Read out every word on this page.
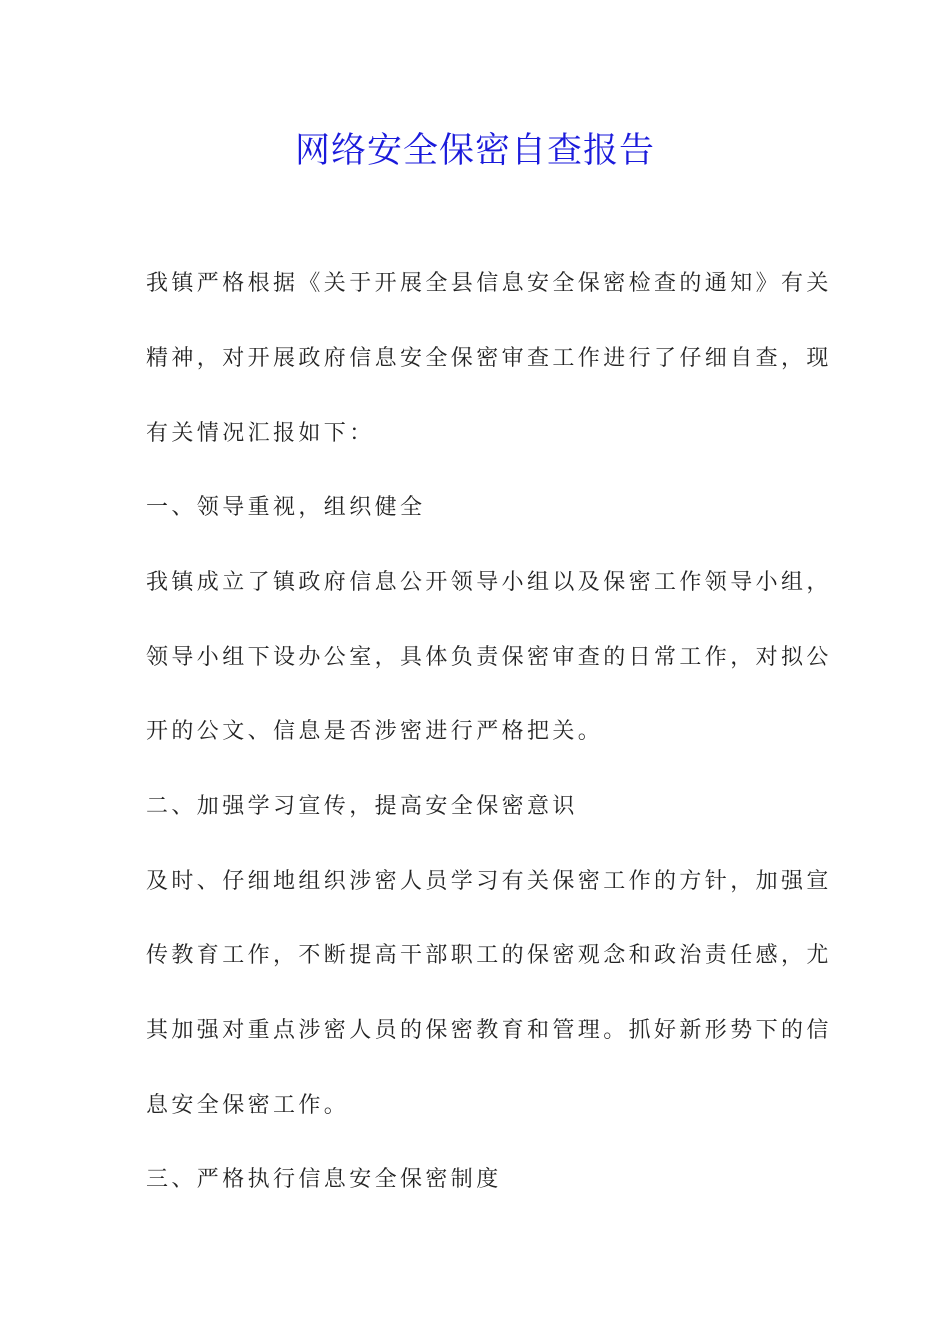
网络安全保密自查报告
我镇严格根据《关于开展全县信息安全保密检查的通知》有关
精神，对开展政府信息安全保密审查工作进行了仔细自查，现
有关情况汇报如下：
一、领导重视，组织健全
我镇成立了镇政府信息公开领导小组以及保密工作领导小组，
领导小组下设办公室，具体负责保密审查的日常工作，对拟公
开的公文、信息是否涉密进行严格把关。
二、加强学习宣传，提高安全保密意识
及时、仔细地组织涉密人员学习有关保密工作的方针，加强宣
传教育工作，不断提高干部职工的保密观念和政治责任感，尤
其加强对重点涉密人员的保密教育和管理。抓好新形势下的信
息安全保密工作。
三、严格执行信息安全保密制度
